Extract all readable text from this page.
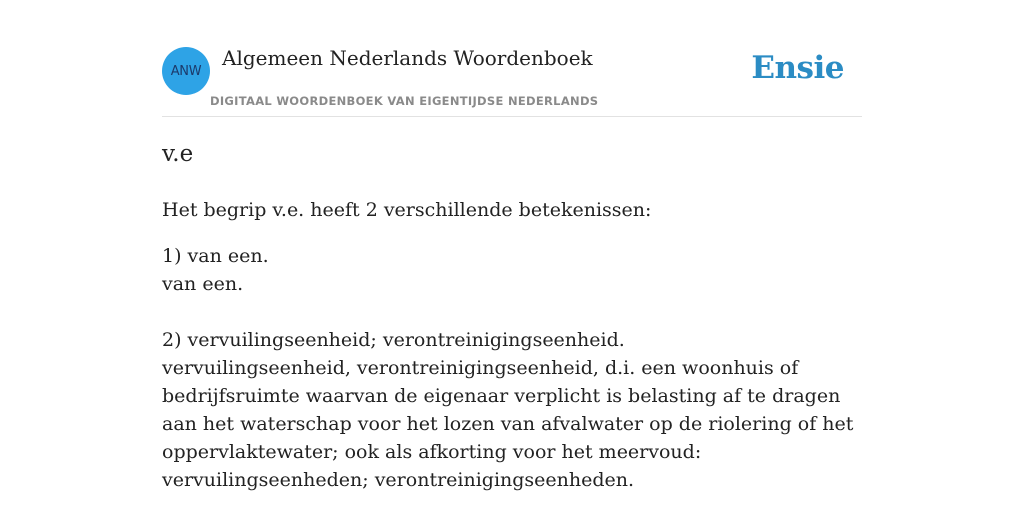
ANW
Algemeen Nederlands Woordenboek
DIGITAAL WOORDENBOEK VAN EIGENTIJDSE NEDERLANDS
Ensie
v.e

Het begrip v.e. heeft 2 verschillende betekenissen:

1) van een.

van een.

2) vervuilingseenheid; verontreinigingseenheid.

vervuilingseenheid, verontreinigingseenheid, d.i. een woonhuis of bedrijfsruimte waarvan de eigenaar verplicht is belasting af te dragen aan het waterschap voor het lozen van afvalwater op de riolering of het oppervlaktewater; ook als afkorting voor het meervoud: vervuilingseenheden; verontreinigingseenheden.
